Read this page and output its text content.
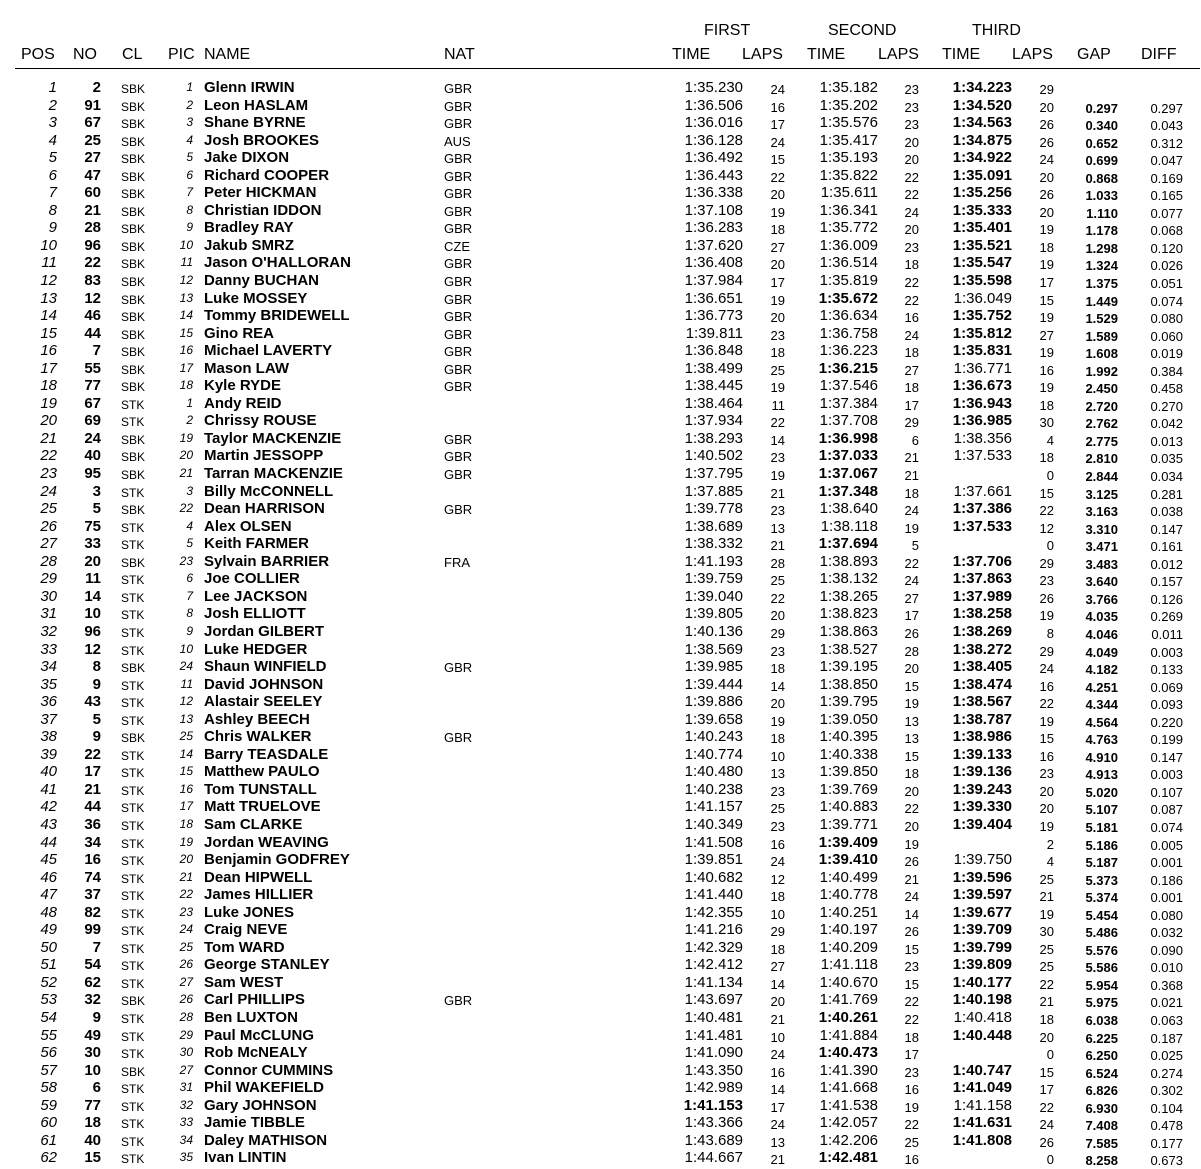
FIRST	SECOND	THIRD
POS NO CL PIC NAME	NAT	TIME LAPS TIME LAPS TIME LAPS GAP DIFF
1 2 SBK	1 Glenn IRWIN	GBR	1:35.230 24 1:35.182 23 1:34.223 29
2 91 SBK	2 Leon HASLAM	GBR	1:36.506 16 1:35.202 23 1:34.520 20 0.297 0.297
3 67 SBK	3 Shane BYRNE	GBR	1:36.016 17 1:35.576 23 1:34.563 26 0.340 0.043
4 25 SBK	4 Josh BROOKES	AUS	1:36.128 24 1:35.417 20 1:34.875 26 0.652 0.312
5 27 SBK	5 Jake DIXON	GBR	1:36.492 15 1:35.193 20 1:34.922 24 0.699 0.047
6 47 SBK	6 Richard COOPER	GBR	1:36.443 22 1:35.822 22 1:35.091 20 0.868 0.169
7 60 SBK	7 Peter HICKMAN	GBR	1:36.338 20 1:35.611 22 1:35.256 26 1.033 0.165
8 21 SBK	8 Christian IDDON	GBR	1:37.108 19 1:36.341 24 1:35.333 20 1.110 0.077
9 28 SBK	9 Bradley RAY	GBR	1:36.283 18 1:35.772 20 1:35.401 19 1.178 0.068
10 96 SBK	10 Jakub SMRZ	CZE	1:37.620 27 1:36.009 23 1:35.521 18 1.298 0.120
11 22 SBK	11 Jason O'HALLORAN	GBR	1:36.408 20 1:36.514 18 1:35.547 19 1.324 0.026
12 83 SBK	12 Danny BUCHAN	GBR	1:37.984 17 1:35.819 22 1:35.598 17 1.375 0.051
13 12 SBK	13 Luke MOSSEY	GBR	1:36.651 19 1:35.672 22 1:36.049 15 1.449 0.074
14 46 SBK	14 Tommy BRIDEWELL	GBR	1:36.773 20 1:36.634 16 1:35.752 19 1.529 0.080
15 44 SBK	15 Gino REA	GBR	1:39.811 23 1:36.758 24 1:35.812 27 1.589 0.060
16 7 SBK	16 Michael LAVERTY	GBR	1:36.848 18 1:36.223 18 1:35.831 19 1.608 0.019
17 55 SBK	17 Mason LAW	GBR	1:38.499 25 1:36.215 27 1:36.771 16 1.992 0.384
18 77 SBK	18 Kyle RYDE	GBR	1:38.445 19 1:37.546 18 1:36.673 19 2.450 0.458
19 67 STK	1 Andy REID	1:38.464 11 1:37.384 17 1:36.943 18 2.720 0.270
20 69 STK	2 Chrissy ROUSE	1:37.934 22 1:37.708 29 1:36.985 30 2.762 0.042
21 24 SBK	19 Taylor MACKENZIE	GBR	1:38.293 14 1:36.998	6 1:38.356	4 2.775 0.013
22 40 SBK	20 Martin JESSOPP	GBR	1:40.502 23 1:37.033 21 1:37.533 18 2.810 0.035
23 95 SBK	21 Tarran MACKENZIE	GBR	1:37.795 19 1:37.067 21	0 2.844 0.034
24 3 STK	3 Billy McCONNELL	1:37.885 21 1:37.348 18 1:37.661 15 3.125 0.281
25 5 SBK	22 Dean HARRISON	GBR	1:39.778 23 1:38.640 24 1:37.386 22 3.163 0.038
26 75 STK	4 Alex OLSEN	1:38.689 13 1:38.118 19 1:37.533 12 3.310 0.147
27 33 STK	5 Keith FARMER	1:38.332 21 1:37.694	5	0 3.471 0.161
28 20 SBK	23 Sylvain BARRIER	FRA	1:41.193 28 1:38.893 22 1:37.706 29 3.483 0.012
29 11 STK	6 Joe COLLIER	1:39.759 25 1:38.132 24 1:37.863 23 3.640 0.157
30 14 STK	7 Lee JACKSON	1:39.040 22 1:38.265 27 1:37.989 26 3.766 0.126
31 10 STK	8 Josh ELLIOTT	1:39.805 20 1:38.823 17 1:38.258 19 4.035 0.269
32 96 STK	9 Jordan GILBERT	1:40.136 29 1:38.863 26 1:38.269	8 4.046	0.011
33 12 STK	10 Luke HEDGER	1:38.569 23 1:38.527 28 1:38.272 29 4.049 0.003
34 8 SBK	24 Shaun WINFIELD	GBR	1:39.985 18 1:39.195 20 1:38.405 24 4.182 0.133
35 9 STK	11 David JOHNSON	1:39.444 14 1:38.850 15 1:38.474 16 4.251 0.069
36 43 STK	12 Alastair SEELEY	1:39.886 20 1:39.795 19 1:38.567 22 4.344 0.093
37 5 STK	13 Ashley BEECH	1:39.658 19 1:39.050 13 1:38.787 19 4.564 0.220
38 9 SBK	25 Chris WALKER	GBR	1:40.243 18 1:40.395 13 1:38.986 15 4.763 0.199
39 22 STK	14 Barry TEASDALE	1:40.774 10 1:40.338 15 1:39.133 16 4.910 0.147
40 17 STK	15 Matthew PAULO	1:40.480 13 1:39.850 18 1:39.136 23 4.913 0.003
41 21 STK	16 Tom TUNSTALL	1:40.238 23 1:39.769 20 1:39.243 20 5.020 0.107
42 44 STK	17 Matt TRUELOVE	1:41.157 25 1:40.883 22 1:39.330 20 5.107 0.087
43 36 STK	18 Sam CLARKE	1:40.349 23 1:39.771 20 1:39.404 19 5.181 0.074
44 34 STK	19 Jordan WEAVING	1:41.508 16 1:39.409 19	2 5.186 0.005
45 16 STK	20 Benjamin GODFREY	1:39.851 24 1:39.410 26 1:39.750	4 5.187 0.001
46 74 STK	21 Dean HIPWELL	1:40.682 12 1:40.499 21 1:39.596 25 5.373 0.186
47 37 STK	22 James HILLIER	1:41.440 18 1:40.778 24 1:39.597 21 5.374 0.001
48 82 STK	23 Luke JONES	1:42.355 10 1:40.251 14 1:39.677 19 5.454 0.080
49 99 STK	24 Craig NEVE	1:41.216 29 1:40.197 26 1:39.709 30 5.486 0.032
50 7 STK	25 Tom WARD	1:42.329 18 1:40.209 15 1:39.799 25 5.576 0.090
51 54 STK	26 George STANLEY	1:42.412 27 1:41.118 23 1:39.809 25 5.586 0.010
52 62 STK	27 Sam WEST	1:41.134 14 1:40.670 15 1:40.177 22 5.954 0.368
53 32 SBK	26 Carl PHILLIPS	GBR	1:43.697 20 1:41.769 22 1:40.198 21 5.975 0.021
54 9 STK	28 Ben LUXTON	1:40.481 21 1:40.261 22 1:40.418 18 6.038 0.063
55 49 STK	29 Paul McCLUNG	1:41.481 10 1:41.884 18 1:40.448 20 6.225 0.187
56 30 STK	30 Rob McNEALY	1:41.090 24 1:40.473 17	0 6.250 0.025
57 10 SBK	27 Connor CUMMINS	1:43.350 16 1:41.390 23 1:40.747 15 6.524 0.274
58 6 STK	31 Phil WAKEFIELD	1:42.989 14 1:41.668 16 1:41.049 17 6.826 0.302
59 77 STK	32 Gary JOHNSON	1:41.153 17 1:41.538 19 1:41.158 22 6.930 0.104
60 18 STK	33 Jamie TIBBLE	1:43.366 24 1:42.057 22 1:41.631 24 7.408 0.478
61 40 STK	34 Daley MATHISON	1:43.689 13 1:42.206 25 1:41.808 26 7.585 0.177
62 15 STK	35 Ivan LINTIN	1:44.667 21 1:42.481 16	0 8.258 0.673
